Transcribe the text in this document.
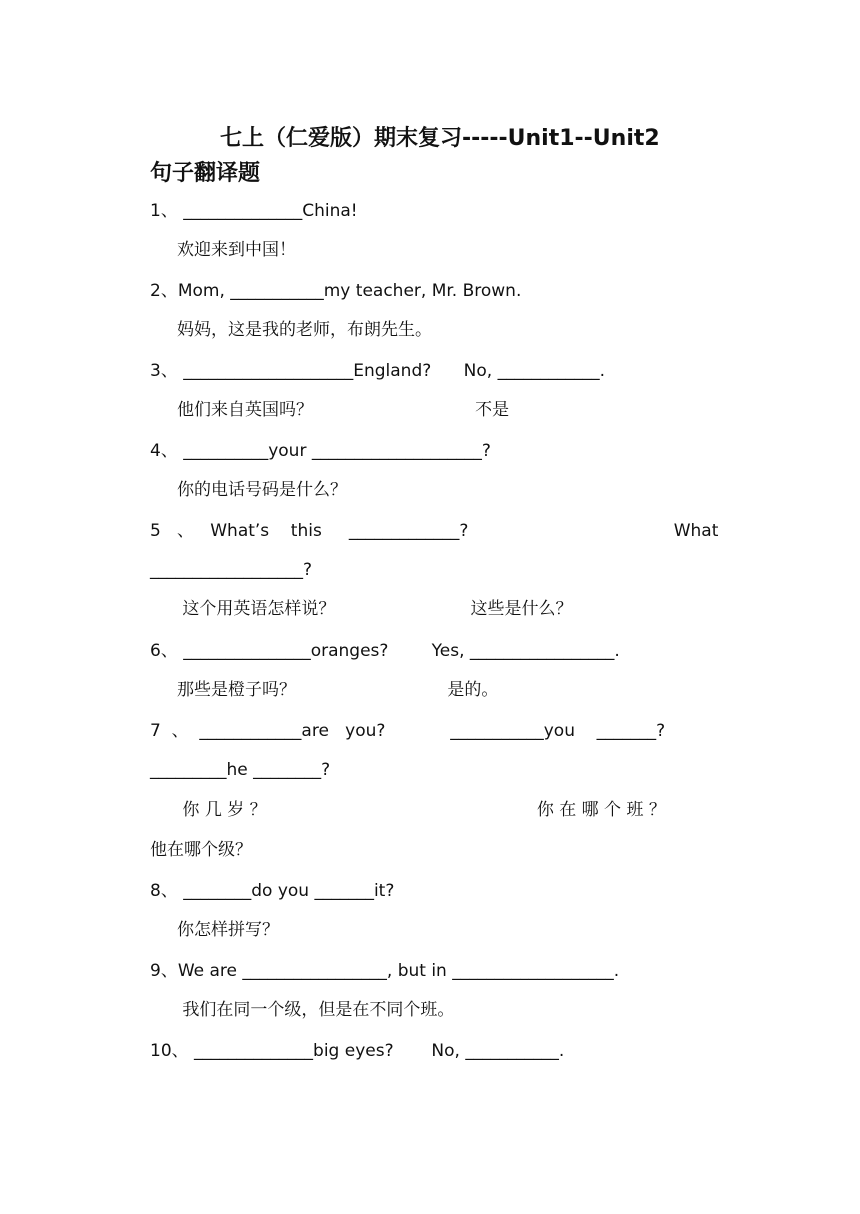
七上（仁爱版）期末复习-----Unit1--Unit2
句子翻译题
1、 ______________China!
欢迎来到中国！
2、Mom, ___________my teacher, Mr. Brown.
妈妈，这是我的老师，布朗先生。
3、 ____________________England?      No, ____________.
他们来自英国吗？                              不是
4、 __________your ____________________?
你的电话号码是什么？
5   、   What’s    this     _____________?                                      What
__________________?
这个用英语怎样说？                         这些是什么？
6、 _______________oranges?        Yes, _________________.
那些是橙子吗？                            是的。
7  、  ____________are   you?            ___________you    _______?
_________he ________?
你 几 岁 ？                                                  你 在 哪 个 班 ？
他在哪个级？
8、 ________do you _______it?
你怎样拼写？
9、We are _________________, but in ___________________.
我们在同一个级，但是在不同个班。
10、 ______________big eyes?       No, ___________.
